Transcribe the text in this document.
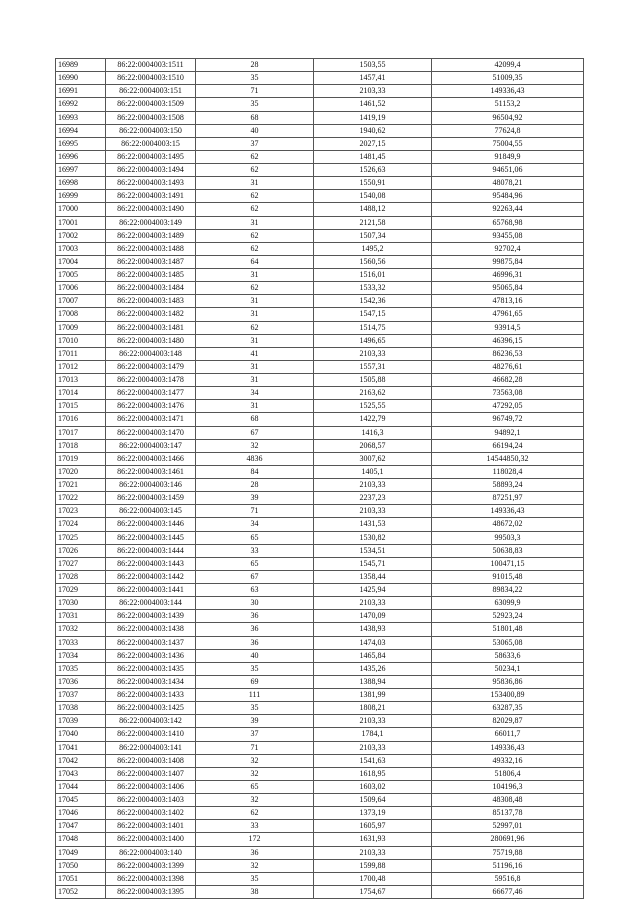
16989	86:22:0004003:1511	28	1503,55	42099,4
16990	86:22:0004003:1510	35	1457,41	51009,35
16991	86:22:0004003:151	71	2103,33	149336,43
16992	86:22:0004003:1509	35	1461,52	51153,2
16993	86:22:0004003:1508	68	1419,19	96504,92
16994	86:22:0004003:150	40	1940,62	77624,8
16995	86:22:0004003:15	37	2027,15	75004,55
16996	86:22:0004003:1495	62	1481,45	91849,9
16997	86:22:0004003:1494	62	1526,63	94651,06
16998	86:22:0004003:1493	31	1550,91	48078,21
16999	86:22:0004003:1491	62	1540,08	95484,96
17000	86:22:0004003:1490	62	1488,12	92263,44
17001	86:22:0004003:149	31	2121,58	65768,98
17002	86:22:0004003:1489	62	1507,34	93455,08
17003	86:22:0004003:1488	62	1495,2	92702,4
17004	86:22:0004003:1487	64	1560,56	99875,84
17005	86:22:0004003:1485	31	1516,01	46996,31
17006	86:22:0004003:1484	62	1533,32	95065,84
17007	86:22:0004003:1483	31	1542,36	47813,16
17008	86:22:0004003:1482	31	1547,15	47961,65
17009	86:22:0004003:1481	62	1514,75	93914,5
17010	86:22:0004003:1480	31	1496,65	46396,15
17011	86:22:0004003:148	41	2103,33	86236,53
17012	86:22:0004003:1479	31	1557,31	48276,61
17013	86:22:0004003:1478	31	1505,88	46682,28
17014	86:22:0004003:1477	34	2163,62	73563,08
17015	86:22:0004003:1476	31	1525,55	47292,05
17016	86:22:0004003:1471	68	1422,79	96749,72
17017	86:22:0004003:1470	67	1416,3	94892,1
17018	86:22:0004003:147	32	2068,57	66194,24
17019	86:22:0004003:1466	4836	3007,62	14544850,32
17020	86:22:0004003:1461	84	1405,1	118028,4
17021	86:22:0004003:146	28	2103,33	58893,24
17022	86:22:0004003:1459	39	2237,23	87251,97
17023	86:22:0004003:145	71	2103,33	149336,43
17024	86:22:0004003:1446	34	1431,53	48672,02
17025	86:22:0004003:1445	65	1530,82	99503,3
17026	86:22:0004003:1444	33	1534,51	50638,83
17027	86:22:0004003:1443	65	1545,71	100471,15
17028	86:22:0004003:1442	67	1358,44	91015,48
17029	86:22:0004003:1441	63	1425,94	89834,22
17030	86:22:0004003:144	30	2103,33	63099,9
17031	86:22:0004003:1439	36	1470,09	52923,24
17032	86:22:0004003:1438	36	1438,93	51801,48
17033	86:22:0004003:1437	36	1474,03	53065,08
17034	86:22:0004003:1436	40	1465,84	58633,6
17035	86:22:0004003:1435	35	1435,26	50234,1
17036	86:22:0004003:1434	69	1388,94	95836,86
17037	86:22:0004003:1433	111	1381,99	153400,89
17038	86:22:0004003:1425	35	1808,21	63287,35
17039	86:22:0004003:142	39	2103,33	82029,87
17040	86:22:0004003:1410	37	1784,1	66011,7
17041	86:22:0004003:141	71	2103,33	149336,43
17042	86:22:0004003:1408	32	1541,63	49332,16
17043	86:22:0004003:1407	32	1618,95	51806,4
17044	86:22:0004003:1406	65	1603,02	104196,3
17045	86:22:0004003:1403	32	1509,64	48308,48
17046	86:22:0004003:1402	62	1373,19	85137,78
17047	86:22:0004003:1401	33	1605,97	52997,01
17048	86:22:0004003:1400	172	1631,93	280691,96
17049	86:22:0004003:140	36	2103,33	75719,88
17050	86:22:0004003:1399	32	1599,88	51196,16
17051	86:22:0004003:1398	35	1700,48	59516,8
17052	86:22:0004003:1395	38	1754,67	66677,46
